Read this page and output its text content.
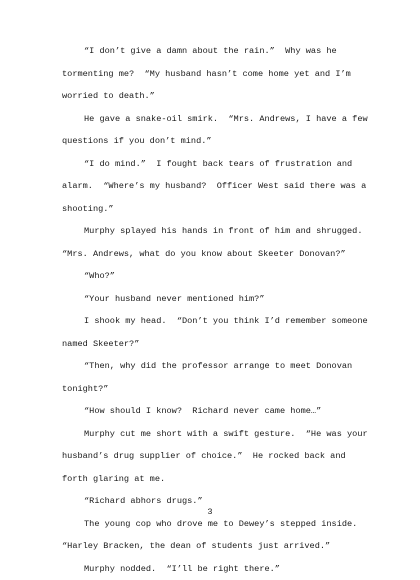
“I don’t give a damn about the rain.”  Why was he tormenting me?  “My husband hasn’t come home yet and I’m worried to death.”

He gave a snake-oil smirk.  “Mrs. Andrews, I have a few questions if you don’t mind.”

“I do mind.”  I fought back tears of frustration and alarm.  “Where’s my husband?  Officer West said there was a shooting.”

Murphy splayed his hands in front of him and shrugged. “Mrs. Andrews, what do you know about Skeeter Donovan?”

“Who?”

“Your husband never mentioned him?”

I shook my head.  “Don’t you think I’d remember someone named Skeeter?”

“Then, why did the professor arrange to meet Donovan tonight?”

“How should I know?  Richard never came home…”

Murphy cut me short with a swift gesture.  “He was your husband’s drug supplier of choice.”  He rocked back and forth glaring at me.

“Richard abhors drugs.”

The young cop who drove me to Dewey’s stepped inside. “Harley Bracken, the dean of students just arrived.”

Murphy nodded.  “I’ll be right there.”

3
